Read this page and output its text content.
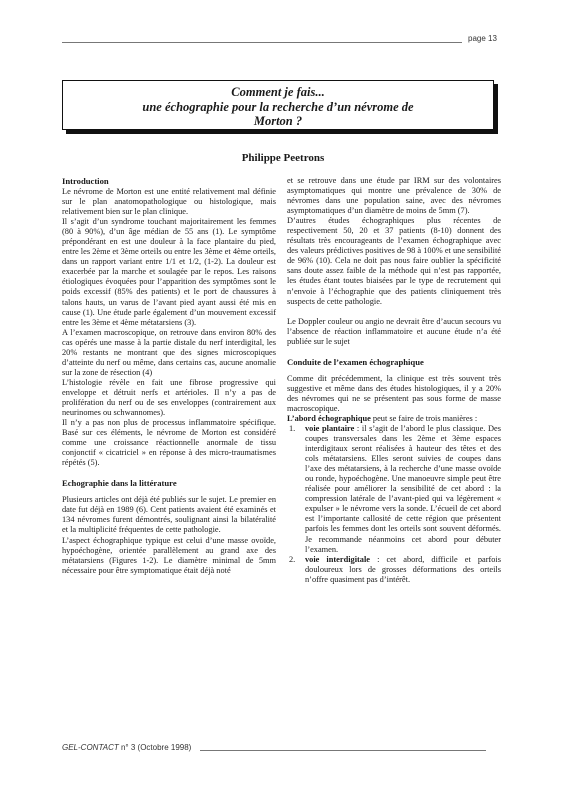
page 13
Comment je fais...
une échographie pour la recherche d’un névrome de
Morton ?
Philippe Peetrons
Introduction

Le névrome de Morton est une entité relativement mal définie sur le plan anatomopathologique ou histologique, mais relativement bien sur le plan clinique.

Il s’agit d’un syndrome touchant majoritairement les femmes (80 à 90%), d’un âge médian de 55 ans (1). Le symptôme prépondérant en est une douleur à la face plantaire du pied, entre les 2ème et 3ème orteils ou entre les 3ème et 4ème orteils, dans un rapport variant entre 1/1 et 1/2, (1-2). La douleur est exacerbée par la marche et soulagée par le repos. Les raisons étiologiques évoquées pour l’apparition des symptômes sont le poids excessif (85% des patients) et le port de chaussures à talons hauts, un varus de l’avant pied ayant aussi été mis en cause (1). Une étude parle également d’un mouvement excessif entre les 3ème et 4ème métatarsiens (3).

A l’examen macroscopique, on retrouve dans environ 80% des cas opérés une masse à la partie distale du nerf interdigital, les 20% restants ne montrant que des signes microscopiques d’atteinte du nerf ou même, dans certains cas, aucune anomalie sur la zone de résection (4)

L’histologie révèle en fait une fibrose progressive qui enveloppe et détruit nerfs et artérioles. Il n’y a pas de prolifération du nerf ou de ses enveloppes (contrairement aux neurinomes ou schwannomes).

Il n’y a pas non plus de processus inflammatoire spécifique. Basé sur ces éléments, le névrome de Morton est considéré comme une croissance réactionnelle anormale de tissu conjonctif « cicatriciel » en réponse à des micro-traumatismes répétés (5).

Echographie dans la littérature

Plusieurs articles ont déjà été publiés sur le sujet. Le premier en date fut déjà en 1989 (6). Cent patients avaient été examinés et 134 névromes furent démontrés, soulignant ainsi la bilatéralité et la multiplicité fréquentes de cette pathologie.

L’aspect échographique typique est celui d’une masse ovoïde, hypoéchogène, orientée parallèlement au grand axe des métatarsiens (Figures 1-2). Le diamètre minimal de 5mm nécessaire pour être symptomatique était déjà noté

et se retrouve dans une étude par IRM sur des volontaires asymptomatiques qui montre une prévalence de 30% de névromes dans une population saine, avec des névromes asymptomatiques d’un diamètre de moins de 5mm (7).

D’autres études échographiques plus récentes de respectivement 50, 20 et 37 patients (8-10) donnent des résultats très encourageants de l’examen échographique avec des valeurs prédictives positives de 98 à 100% et une sensibilité de 96% (10). Cela ne doit pas nous faire oublier la spécificité sans doute assez faible de la méthode qui n’est pas rapportée, les études étant toutes biaisées par le type de recrutement qui n’envoie à l’échographie que des patients cliniquement très suspects de cette pathologie.

Le Doppler couleur ou angio ne devrait être d’aucun secours vu l’absence de réaction inflammatoire et aucune étude n’a été publiée sur le sujet

Conduite de l’examen échographique

Comme dit précédemment, la clinique est très souvent très suggestive et même dans des études histologiques, il y a 20% des névromes qui ne se présentent pas sous forme de masse macroscopique.

L’abord échographique peut se faire de trois manières :

1. voie plantaire : il s’agit de l’abord le plus classique. Des coupes transversales dans les 2ème et 3ème espaces interdigitaux seront réalisées à hauteur des têtes et des cols métatarsiens. Elles seront suivies de coupes dans l’axe des métatarsiens, à la recherche d’une masse ovoïde ou ronde, hypoéchogène. Une manoeuvre simple peut être réalisée pour améliorer la sensibilité de cet abord : la compression latérale de l’avant-pied qui va légèrement « expulser » le névrome vers la sonde. L’écueil de cet abord est l’importante callosité de cette région que présentent parfois les femmes dont les orteils sont souvent déformés. Je recommande néanmoins cet abord pour débuter l’examen.
2. voie interdigitale : cet abord, difficile et parfois douloureux lors de grosses déformations des orteils n’offre quasiment pas d’intérêt.
GEL-CONTACT n° 3 (Octobre 1998)
